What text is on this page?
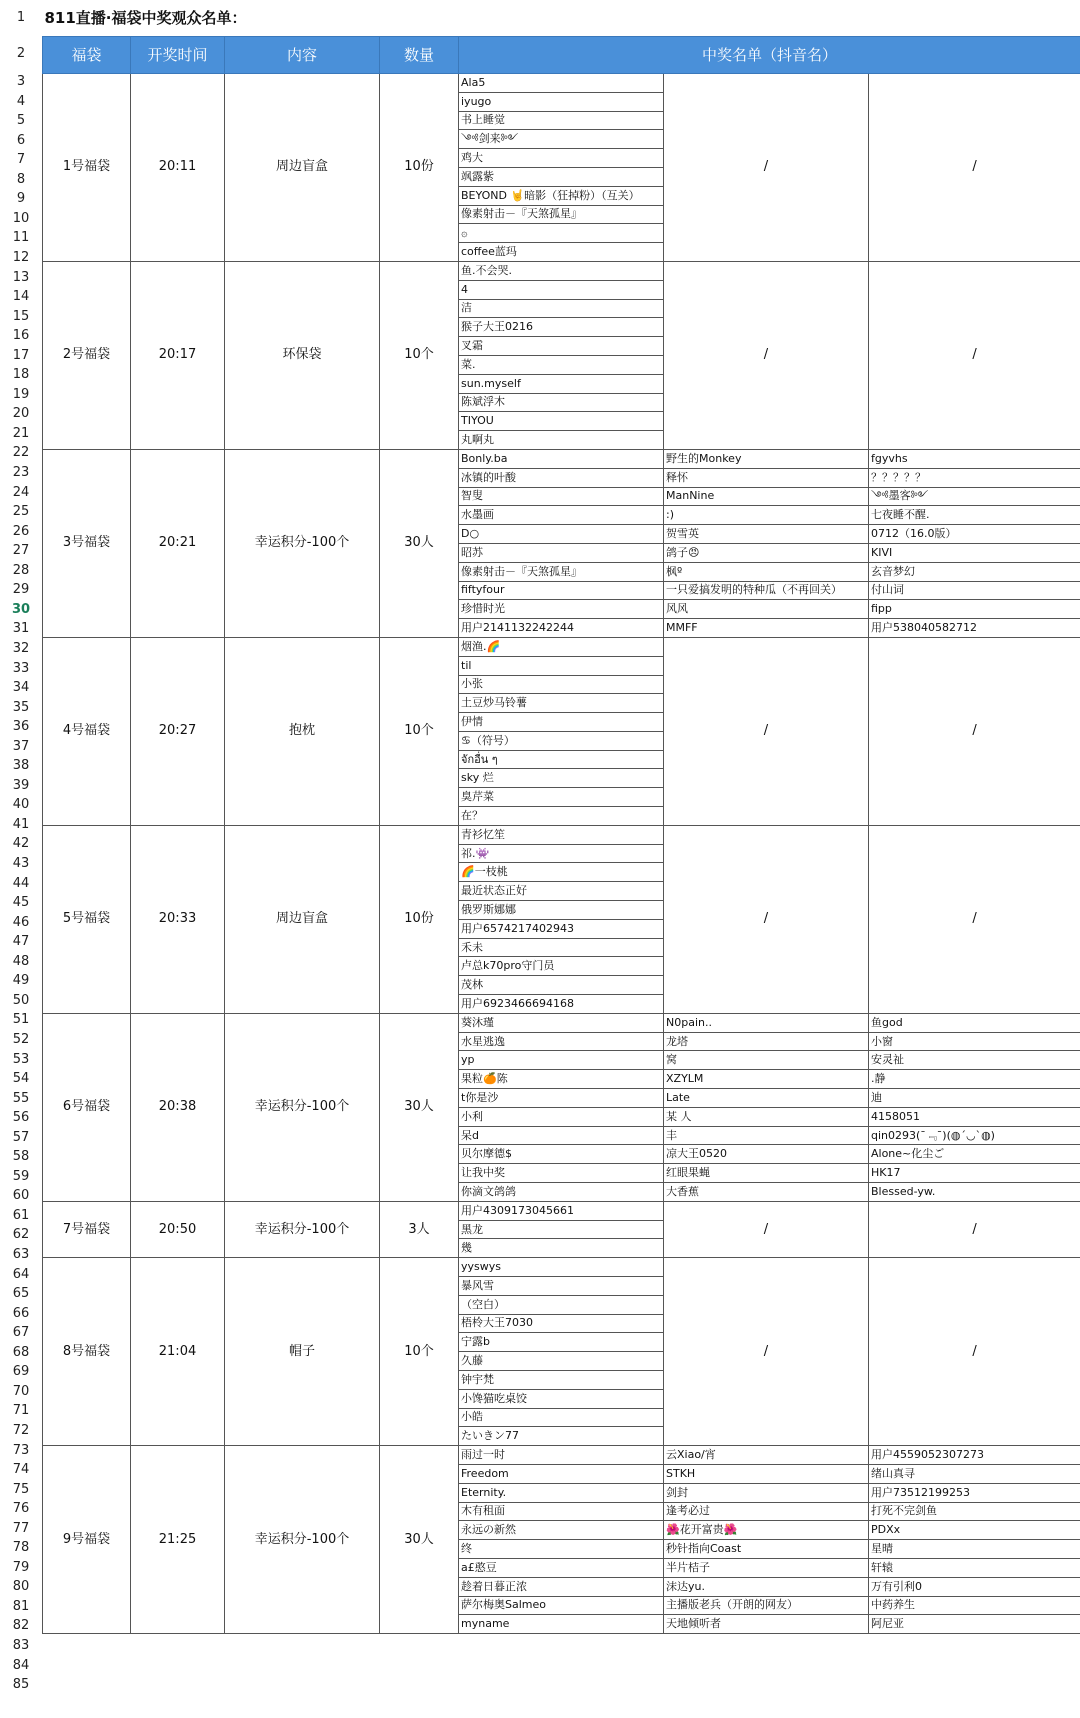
1
2
3
4
5
6
7
8
9
10
11
12
13
14
15
16
17
18
19
20
21
22
23
24
25
26
27
28
29
30
31
32
33
34
35
36
37
38
39
40
41
42
43
44
45
46
47
48
49
50
51
52
53
54
55
56
57
58
59
60
61
62
63
64
65
66
67
68
69
70
71
72
73
74
75
76
77
78
79
80
81
82
83
84
85
811直播·福袋中奖观众名单：						
福袋	开奖时间	内容	数量	中奖名单（抖音名）		
1号福袋	20:11	周边盲盒	10份	Ala5	/	/
				iyugo		
				书上睡觉		
				༺剑来༻		
				鸡大		
				飒露紫		
				BEYOND 🤘暗影（狂掉粉）（互关）		
				像素射击－『天煞孤星』		
				۞		
				coffee蓝玛		
2号福袋	20:17	环保袋	10个	鱼.不会哭.	/	/
				4		
				洁		
				猴子大王0216		
				叉霜		
				菜.		
				sun.myself		
				陈斌浮木		
				TIYOU		
				丸啊丸		
3号福袋	20:21	幸运积分-100个	30人	Bonly.ba	野生的Monkey	fgyvhs
				冰镇的叶酸	释怀	？？？？？
				智叟	ManNine	༺墨客༻
				水墨画	:)	七夜睡不醒.
				D○	贺雪英	0712（16.0版）
				昭苏	鸽子😠	KIVI
				像素射击－『天煞孤星』	枫º	玄音梦幻
				fiftyfour	一只爱搞发明的特种瓜（不再回关）	付山词
				珍惜时光	风风	fipp
				用户2141132242244	MMFF	用户538040582712
4号福袋	20:27	抱枕	10个	烟渔.🌈	/	/
				til		
				小张		
				土豆炒马铃薯		
				伊情		
				♋（符号）		
				จักอื่น ๆ		
				sky 烂		
				臭芹菜		
				在？		
5号福袋	20:33	周边盲盒	10份	青衫忆笙	/	/
				祁.👾		
				🌈一枝桃		
				最近状态正好		
				俄罗斯娜娜		
				用户6574217402943		
				禾未		
				卢总k70pro守门员		
				茂林		
				用户6923466694168		
6号福袋	20:38	幸运积分-100个	30人	葵沐瑾	N0pain..	鱼god
				水星逃逸	龙塔	小窗
				yp	窝	安灵祉
				果粒🍊陈	XZYLM	.静
				t你是沙	Late	迪
				小利	某 人	4158051
				呆d	丰	qin0293(ˉ﹃ˉ)(◍´◡`◍)
				贝尔摩德$	凉大王0520	Alone~化尘ご
				让我中奖	红眼果蝇	HK17
				你滴文鸽鸽	大香蕉	Blessed-yw.
7号福袋	20:50	幸运积分-100个	3人	用户4309173045661	/	/
				黑龙		
				幾		
8号福袋	21:04	帽子	10个	yyswys	/	/
				暴风雪		
				（空白）		
				梧柃大王7030		
				宁露b		
				久藤		
				钟宇梵		
				小馋猫吃桌饺		
				小皓		
				たいきン77		
9号福袋	21:25	幸运积分-100个	30人	雨过一时	云Xiao/宵	用户4559052307273
				Freedom	STKH	绪山真寻
				Eternity.	剑封	用户73512199253
				木有租面	逢考必过	打死不完剑鱼
				永远の新然	🌺花开富贵🌺	PDXx
				终	秒针指向Coast	星晴
				a£憨豆	半片桔子	轩辕
				趁着日暮正浓	沫达yu.	万有引利0
				萨尔梅奥Salmeo	主播版老兵（开朗的网友）	中药养生
				myname	天地倾听者	阿尼亚
